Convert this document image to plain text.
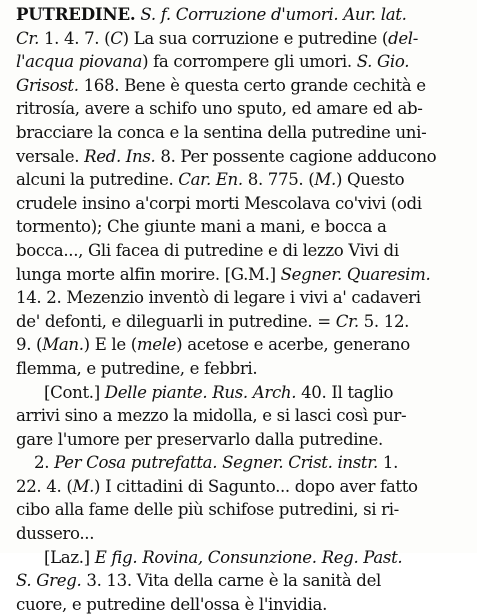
PUTREDINE. S. f. Corruzione d'umori. Aur. lat.
Cr. 1. 4. 7. (C) La sua corruzione e putredine (del-
l'acqua piovana) fa corrompere gli umori. S. Gio.
Grisost. 168. Bene è questa certo grande cechità e
ritrosía, avere a schifo uno sputo, ed amare ed ab-
bracciare la conca e la sentina della putredine uni-
versale. Red. Ins. 8. Per possente cagione adducono
alcuni la putredine. Car. En. 8. 775. (M.) Questo
crudele insino a'corpi morti Mescolava co'vivi (odi
tormento); Che giunte mani a mani, e bocca a
bocca..., Gli facea di putredine e di lezzo Vivi di
lunga morte alfin morire. [G.M.] Segner. Quaresim.
14. 2. Mezenzio inventò di legare i vivi a' cadaveri
de' defonti, e dileguarli in putredine. = Cr. 5. 12.
9. (Man.) E le (mele) acetose e acerbe, generano
flemma, e putredine, e febbri.
[Cont.] Delle piante. Rus. Arch. 40. Il taglio
arrivi sino a mezzo la midolla, e si lasci così pur-
gare l'umore per preservarlo dalla putredine.
2. Per Cosa putrefatta. Segner. Crist. instr. 1.
22. 4. (M.) I cittadini di Sagunto... dopo aver fatto
cibo alla fame delle più schifose putredini, si ri-
dussero...
[Laz.] E fig. Rovina, Consunzione. Reg. Past.
S. Greg. 3. 13. Vita della carne è la sanità del
cuore, e putredine dell'ossa è l'invidia.
